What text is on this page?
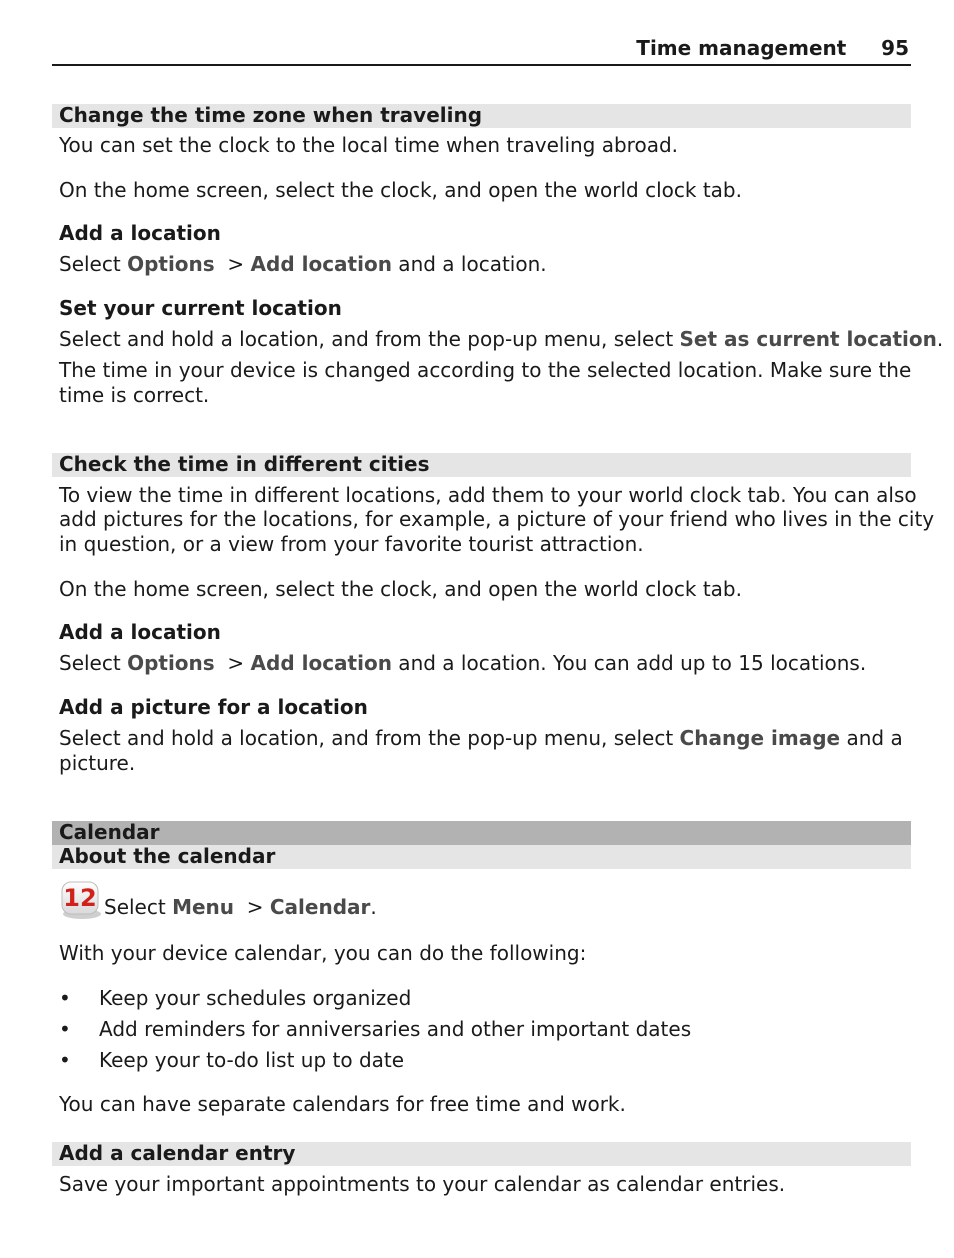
Time management 95
Change the time zone when traveling
You can set the clock to the local time when traveling abroad.
On the home screen, select the clock, and open the world clock tab.
Add a location
Select Options  > Add location and a location.
Set your current location
Select and hold a location, and from the pop-up menu, select Set as current location.
The time in your device is changed according to the selected location. Make sure the
time is correct.
Check the time in different cities
To view the time in different locations, add them to your world clock tab. You can also
add pictures for the locations, for example, a picture of your friend who lives in the city
in question, or a view from your favorite tourist attraction.
On the home screen, select the clock, and open the world clock tab.
Add a location
Select Options  > Add location and a location. You can add up to 15 locations.
Add a picture for a location
Select and hold a location, and from the pop-up menu, select Change image and a
picture.
Calendar
About the calendar
12 Select Menu  > Calendar.
With your device calendar, you can do the following:
• Keep your schedules organized
• Add reminders for anniversaries and other important dates
• Keep your to-do list up to date
You can have separate calendars for free time and work.
Add a calendar entry
Save your important appointments to your calendar as calendar entries.
